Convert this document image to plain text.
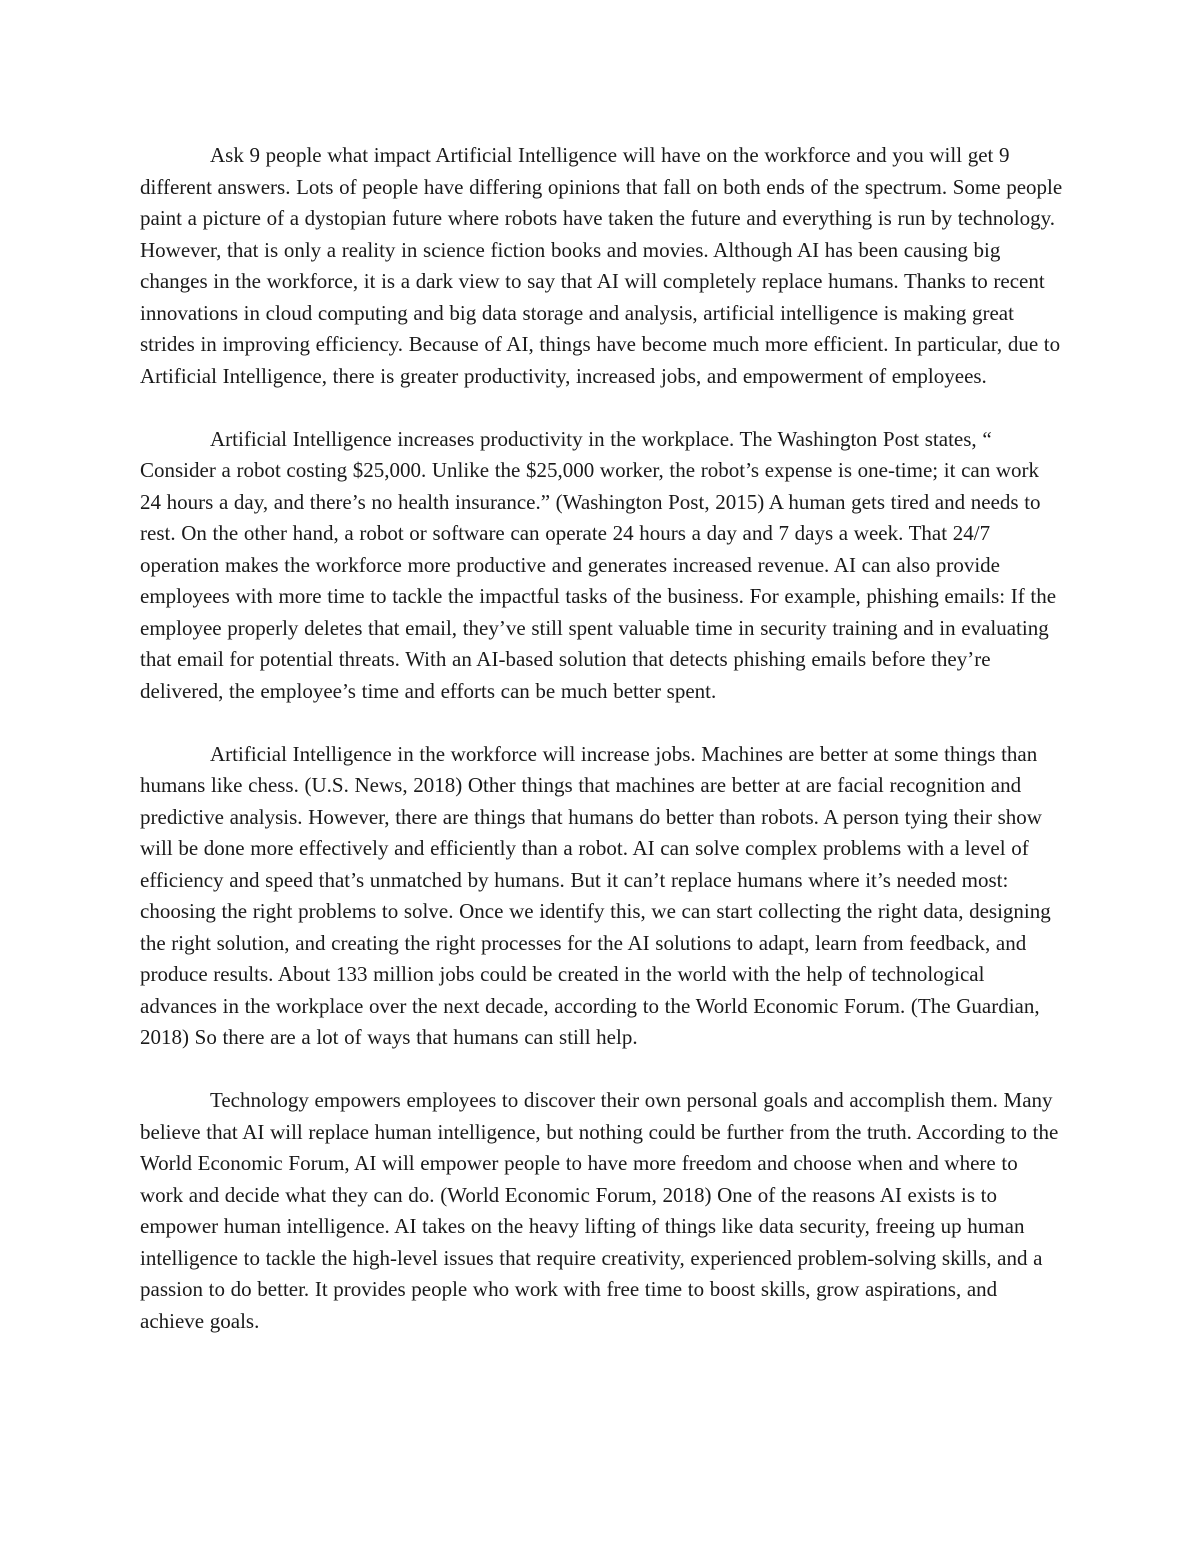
Ask 9 people what impact Artificial Intelligence will have on the workforce and you will get 9 different answers. Lots of people have differing opinions that fall on both ends of the spectrum. Some people paint a picture of a dystopian future where robots have taken the future and everything is run by technology. However, that is only a reality in science fiction books and movies. Although AI has been causing big changes in the workforce, it is a dark view to say that AI will completely replace humans. Thanks to recent innovations in cloud computing and big data storage and analysis, artificial intelligence is making great strides in improving efficiency. Because of AI, things have become much more efficient. In particular, due to Artificial Intelligence, there is greater productivity, increased jobs, and empowerment of employees.

Artificial Intelligence increases productivity in the workplace. The Washington Post states, “ Consider a robot costing $25,000. Unlike the $25,000 worker, the robot’s expense is one-time; it can work 24 hours a day, and there’s no health insurance.” (Washington Post, 2015) A human gets tired and needs to rest. On the other hand, a robot or software can operate 24 hours a day and 7 days a week. That 24/7 operation makes the workforce more productive and generates increased revenue. AI can also provide employees with more time to tackle the impactful tasks of the business. For example, phishing emails: If the employee properly deletes that email, they’ve still spent valuable time in security training and in evaluating that email for potential threats. With an AI-based solution that detects phishing emails before they’re delivered, the employee’s time and efforts can be much better spent.

Artificial Intelligence in the workforce will increase jobs. Machines are better at some things than humans like chess. (U.S. News, 2018) Other things that machines are better at are facial recognition and predictive analysis. However, there are things that humans do better than robots. A person tying their show will be done more effectively and efficiently than a robot. AI can solve complex problems with a level of efficiency and speed that’s unmatched by humans. But it can’t replace humans where it’s needed most: choosing the right problems to solve. Once we identify this, we can start collecting the right data, designing the right solution, and creating the right processes for the AI solutions to adapt, learn from feedback, and produce results. About 133 million jobs could be created in the world with the help of technological advances in the workplace over the next decade, according to the World Economic Forum. (The Guardian, 2018) So there are a lot of ways that humans can still help.

Technology empowers employees to discover their own personal goals and accomplish them. Many believe that AI will replace human intelligence, but nothing could be further from the truth. According to the World Economic Forum, AI will empower people to have more freedom and choose when and where to work and decide what they can do. (World Economic Forum, 2018) One of the reasons AI exists is to empower human intelligence. AI takes on the heavy lifting of things like data security, freeing up human intelligence to tackle the high-level issues that require creativity, experienced problem-solving skills, and a passion to do better. It provides people who work with free time to boost skills, grow aspirations, and achieve goals.
